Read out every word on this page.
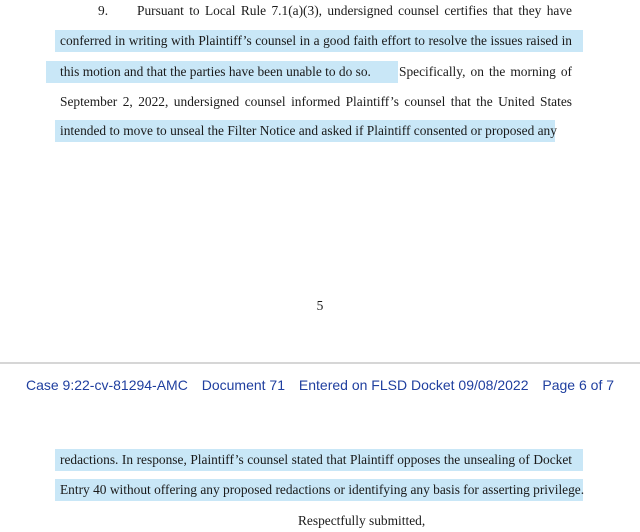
9. Pursuant to Local Rule 7.1(a)(3), undersigned counsel certifies that they have
conferred in writing with Plaintiff’s counsel in a good faith effort to resolve the issues raised in
this motion and that the parties have been unable to do so. Specifically, on the morning of
September 2, 2022, undersigned counsel informed Plaintiff’s counsel that the United States
intended to move to unseal the Filter Notice and asked if Plaintiff consented or proposed any
5
Case 9:22-cv-81294-AMC Document 71 Entered on FLSD Docket 09/08/2022 Page 6 of 7
redactions. In response, Plaintiff’s counsel stated that Plaintiff opposes the unsealing of Docket
Entry 40 without offering any proposed redactions or identifying any basis for asserting privilege.
Respectfully submitted,
